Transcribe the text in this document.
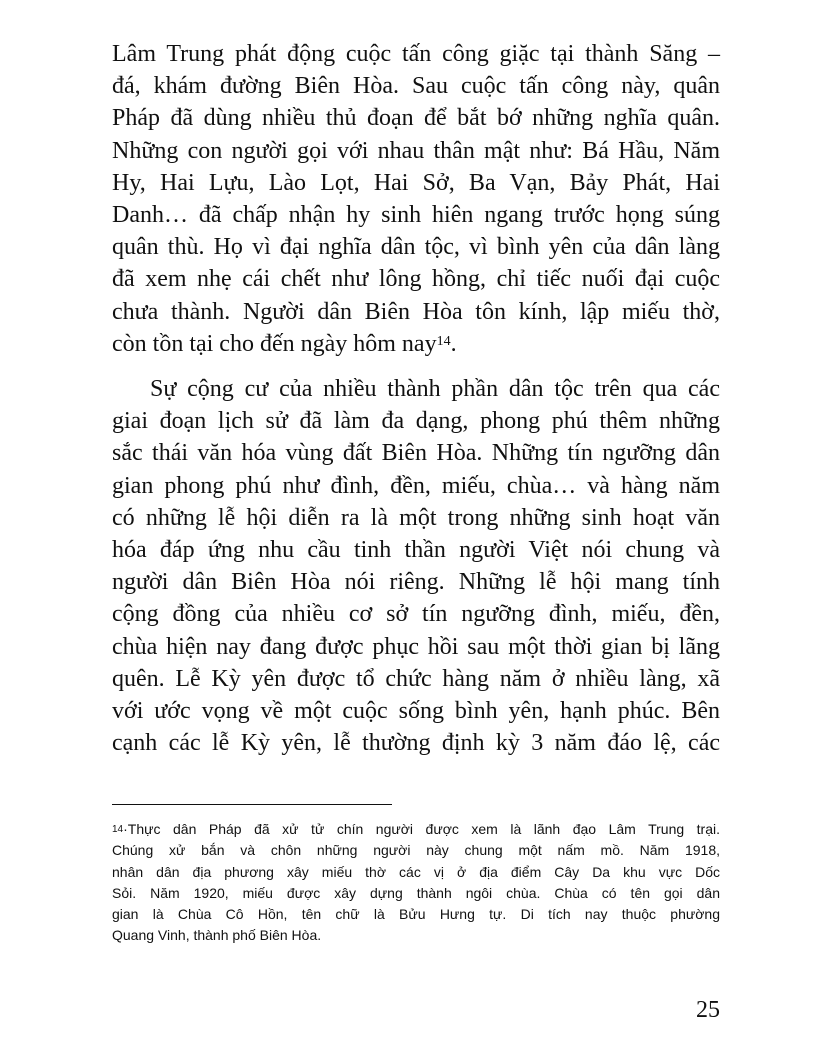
Lâm Trung phát động cuộc tấn công giặc tại thành Săng –
đá, khám đường Biên Hòa. Sau cuộc tấn công này, quân
Pháp đã dùng nhiều thủ đoạn để bắt bớ những nghĩa quân.
Những con người gọi với nhau thân mật như: Bá Hầu, Năm
Hy, Hai Lựu, Lào Lọt, Hai Sở, Ba Vạn, Bảy Phát, Hai
Danh… đã chấp nhận hy sinh hiên ngang trước họng súng
quân thù. Họ vì đại nghĩa dân tộc, vì bình yên của dân làng
đã xem nhẹ cái chết như lông hồng, chỉ tiếc nuối đại cuộc
chưa thành. Người dân Biên Hòa tôn kính, lập miếu thờ,
còn tồn tại cho đến ngày hôm nay$^{14}$.

Sự cộng cư của nhiều thành phần dân tộc trên qua các
giai đoạn lịch sử đã làm đa dạng, phong phú thêm những
sắc thái văn hóa vùng đất Biên Hòa. Những tín ngưỡng dân
gian phong phú như đình, đền, miếu, chùa… và hàng năm
có những lễ hội diễn ra là một trong những sinh hoạt văn
hóa đáp ứng nhu cầu tinh thần người Việt nói chung và
người dân Biên Hòa nói riêng. Những lễ hội mang tính
cộng đồng của nhiều cơ sở tín ngưỡng đình, miếu, đền,
chùa hiện nay đang được phục hồi sau một thời gian bị lãng
quên. Lễ Kỳ yên được tổ chức hàng năm ở nhiều làng, xã
với ước vọng về một cuộc sống bình yên, hạnh phúc. Bên
cạnh các lễ Kỳ yên, lễ thường định kỳ 3 năm đáo lệ, các

$^{14}$·Thực dân Pháp đã xử tử chín người được xem là lãnh đạo Lâm Trung trại.
Chúng xử bắn và chôn những người này chung một nấm mồ. Năm 1918,
nhân dân địa phương xây miếu thờ các vị ở địa điểm Cây Da khu vực Dốc
Sỏi. Năm 1920, miếu được xây dựng thành ngôi chùa. Chùa có tên gọi dân
gian là Chùa Cô Hồn, tên chữ là Bửu Hưng tự. Di tích nay thuộc phường
Quang Vinh, thành phố Biên Hòa.
25
